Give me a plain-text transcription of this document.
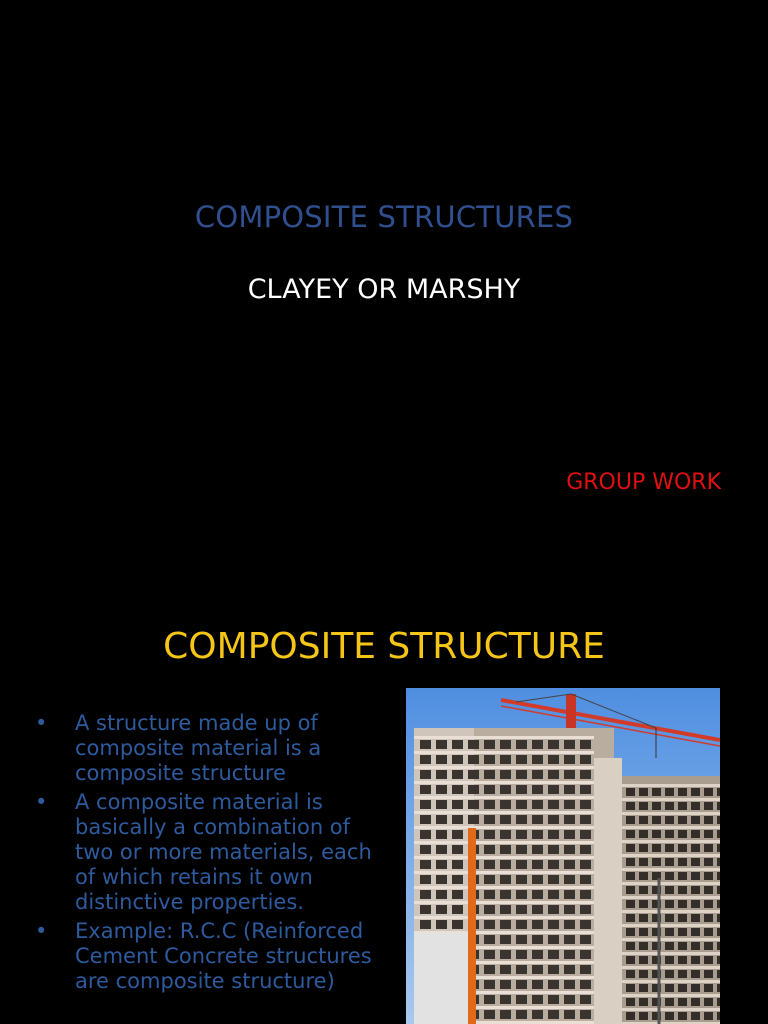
COMPOSITE STRUCTURES
CLAYEY OR MARSHY
GROUP WORK
COMPOSITE STRUCTURE
• A structure made up of composite material is a composite structure
• A composite material is basically a combination of two or more materials, each of which retains it own distinctive properties.
• Example: R.C.C (Reinforced Cement Concrete structures are composite structure)
